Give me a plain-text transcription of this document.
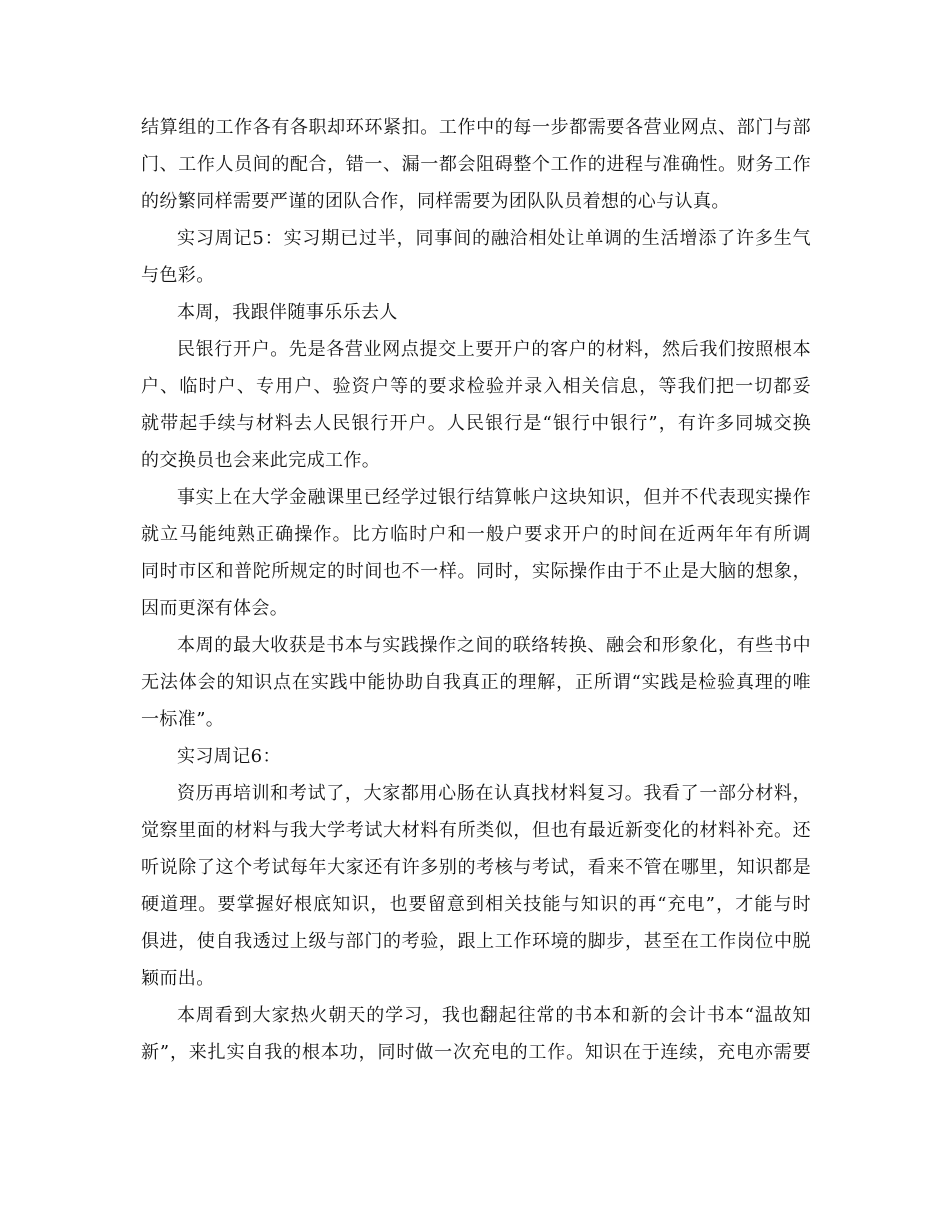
结算组的工作各有各职却环环紧扣。工作中的每一步都需要各营业网点、部门与部
门、工作人员间的配合，错一、漏一都会阻碍整个工作的进程与准确性。财务工作
的纷繁同样需要严谨的团队合作，同样需要为团队队员着想的心与认真。
实习周记5：实习期已过半，同事间的融洽相处让单调的生活增添了许多生气
与色彩。
本周，我跟伴随事乐乐去人
民银行开户。先是各营业网点提交上要开户的客户的材料，然后我们按照根本
户、临时户、专用户、验资户等的要求检验并录入相关信息，等我们把一切都妥
就带起手续与材料去人民银行开户。人民银行是“银行中银行”，有许多同城交换
的交换员也会来此完成工作。
事实上在大学金融课里已经学过银行结算帐户这块知识，但并不代表现实操作
就立马能纯熟正确操作。比方临时户和一般户要求开户的时间在近两年年有所调
同时市区和普陀所规定的时间也不一样。同时，实际操作由于不止是大脑的想象，
因而更深有体会。
本周的最大收获是书本与实践操作之间的联络转换、融会和形象化，有些书中
无法体会的知识点在实践中能协助自我真正的理解，正所谓“实践是检验真理的唯
一标准”。
实习周记6：
资历再培训和考试了，大家都用心肠在认真找材料复习。我看了一部分材料，
觉察里面的材料与我大学考试大材料有所类似，但也有最近新变化的材料补充。还
听说除了这个考试每年大家还有许多别的考核与考试，看来不管在哪里，知识都是
硬道理。要掌握好根底知识，也要留意到相关技能与知识的再“充电”，才能与时
俱进，使自我透过上级与部门的考验，跟上工作环境的脚步，甚至在工作岗位中脱
颖而出。
本周看到大家热火朝天的学习，我也翻起往常的书本和新的会计书本“温故知
新”，来扎实自我的根本功，同时做一次充电的工作。知识在于连续，充电亦需要
